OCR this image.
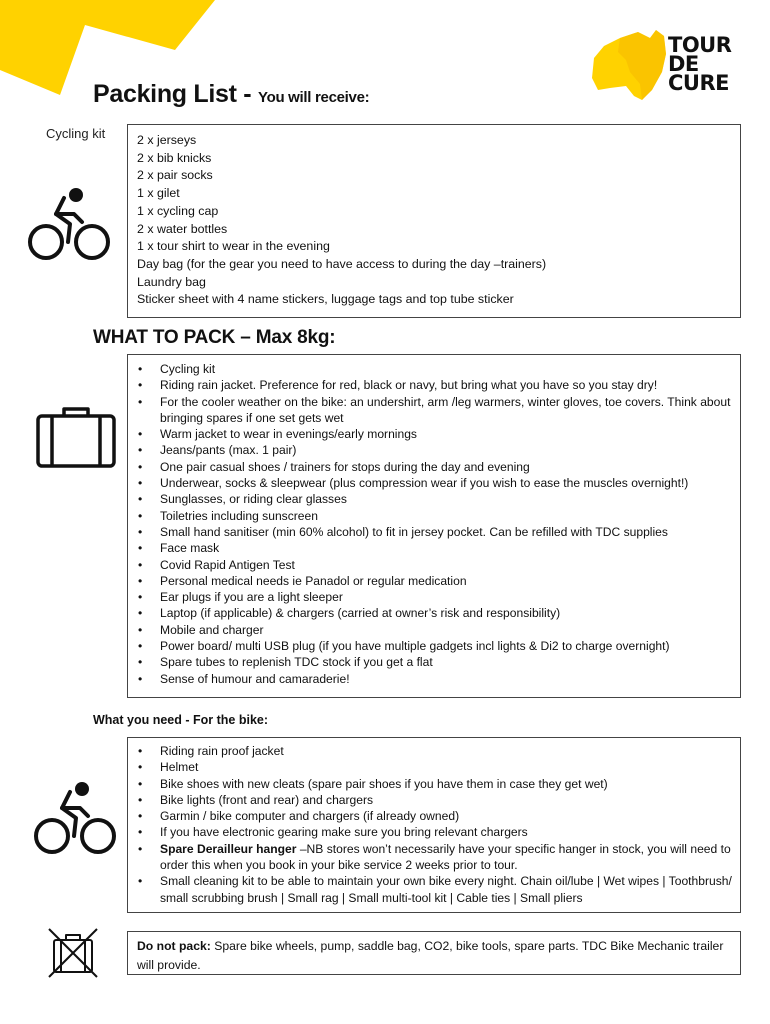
TOUR
DE
CURE
Packing List - You will receive:
Cycling kit	2 x jerseys
2 x bib knicks
2 x pair socks
1 x gilet
1 x cycling cap
2 x water bottles
1 x tour shirt to wear in the evening
Day bag (for the gear you need to have access to during the day –trainers)
Laundry bag
Sticker sheet with 4 name stickers, luggage tags and top tube sticker
WHAT TO PACK – Max 8kg:
• Cycling kit
• Riding rain jacket. Preference for red, black or navy, but bring what you have so you stay dry!
• For the cooler weather on the bike: an undershirt, arm /leg warmers, winter gloves, toe covers. Think about bringing spares if one set gets wet
• Warm jacket to wear in evenings/early mornings
• Jeans/pants (max. 1 pair)
• One pair casual shoes / trainers for stops during the day and evening
• Underwear, socks & sleepwear (plus compression wear if you wish to ease the muscles overnight!)
• Sunglasses, or riding clear glasses
• Toiletries including sunscreen
• Small hand sanitiser (min 60% alcohol) to fit in jersey pocket. Can be refilled with TDC supplies
• Face mask
• Covid Rapid Antigen Test
• Personal medical needs ie Panadol or regular medication
• Ear plugs if you are a light sleeper
• Laptop (if applicable) & chargers (carried at owner’s risk and responsibility)
• Mobile and charger
• Power board/ multi USB plug (if you have multiple gadgets incl lights & Di2 to charge overnight)
• Spare tubes to replenish TDC stock if you get a flat
• Sense of humour and camaraderie!
What you need - For the bike:
• Riding rain proof jacket
• Helmet
• Bike shoes with new cleats (spare pair shoes if you have them in case they get wet)
• Bike lights (front and rear) and chargers
• Garmin / bike computer and chargers (if already owned)
• If you have electronic gearing make sure you bring relevant chargers
• Spare Derailleur hanger –NB stores won’t necessarily have your specific hanger in stock, you will need to order this when you book in your bike service 2 weeks prior to tour.
• Small cleaning kit to be able to maintain your own bike every night. Chain oil/lube | Wet wipes | Toothbrush/ small scrubbing brush | Small rag | Small multi-tool kit | Cable ties | Small pliers
Do not pack: Spare bike wheels, pump, saddle bag, CO2, bike tools, spare parts. TDC Bike Mechanic trailer will provide.
